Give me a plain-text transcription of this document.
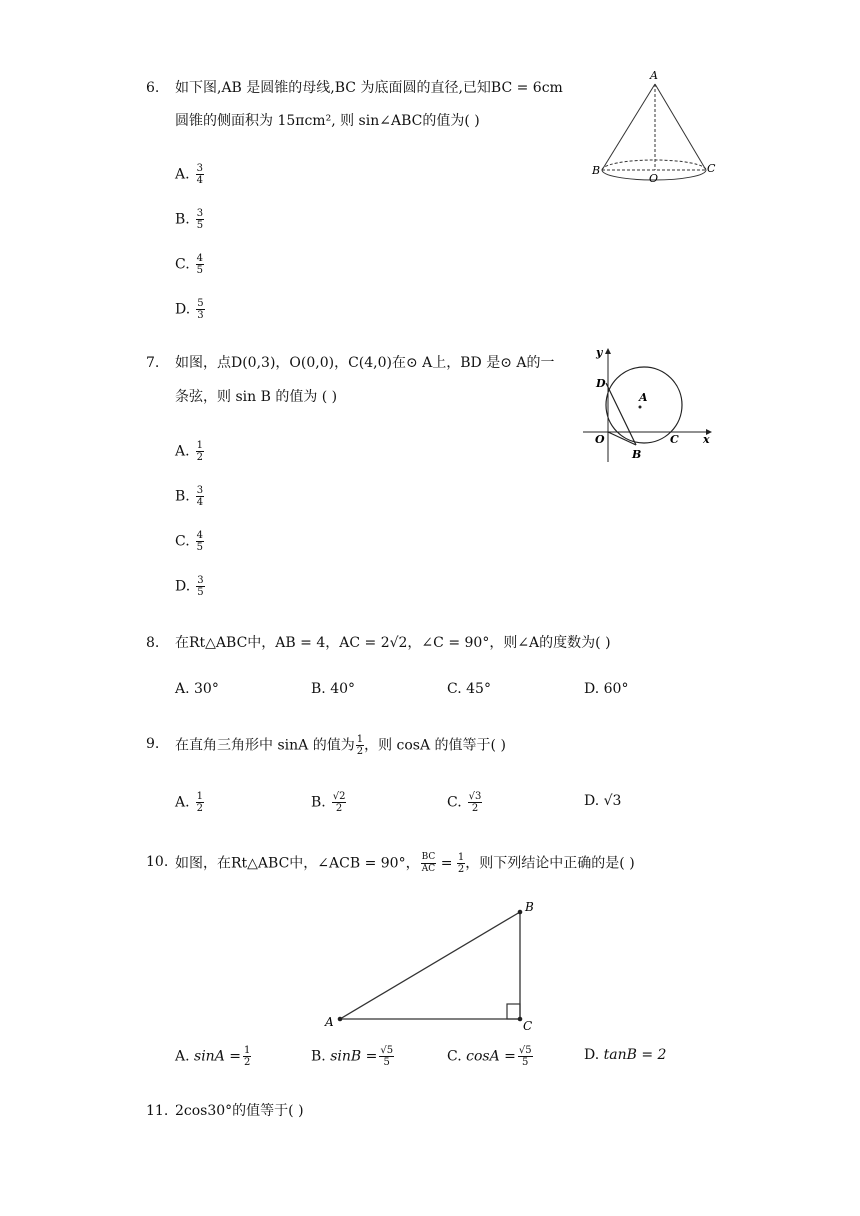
6. 如下图,AB 是圆锥的母线,BC 为底面圆的直径,已知BC = 6cm
圆锥的侧面积为 15πcm², 则 sin∠ABC的值为( )
A. $\frac{3}{4}$
B. $\frac{3}{5}$
C. $\frac{4}{5}$
D. $\frac{5}{3}$
A
B
O
C
7. 如图，点D(0,3)，O(0,0)，C(4,0)在⊙ A上，BD 是⊙ A的一
条弦，则 sin B 的值为 ( )
A. $\frac{1}{2}$
B. $\frac{3}{4}$
C. $\frac{4}{5}$
D. $\frac{3}{5}$
y
D
A
O
B
C x
8. 在Rt△ABC中，AB = 4，AC = 2√2，∠C = 90°，则∠A的度数为( )
A. 30°	B. 40°	C. 45°	D. 60°
9. 在直角三角形中 sinA 的值为 $\frac{1}{2}$ ，则 cosA 的值等于( )
A. $\frac{1}{2}$	B. $\frac{√2}{2}$	C. $\frac{√3}{2}$	D. √3
10. 如图，在Rt△ABC中，∠ACB = 90°， $\frac{BC}{AC} = \frac{1}{2}$ ，则下列结论中正确的是( )
B
A	C
A. $\sin A = \frac{1}{2}$	B. $\sin B = \frac{√5}{5}$	C. $\cos A = \frac{√5}{5}$	D. tanB = 2
11. 2cos30°的值等于( )
